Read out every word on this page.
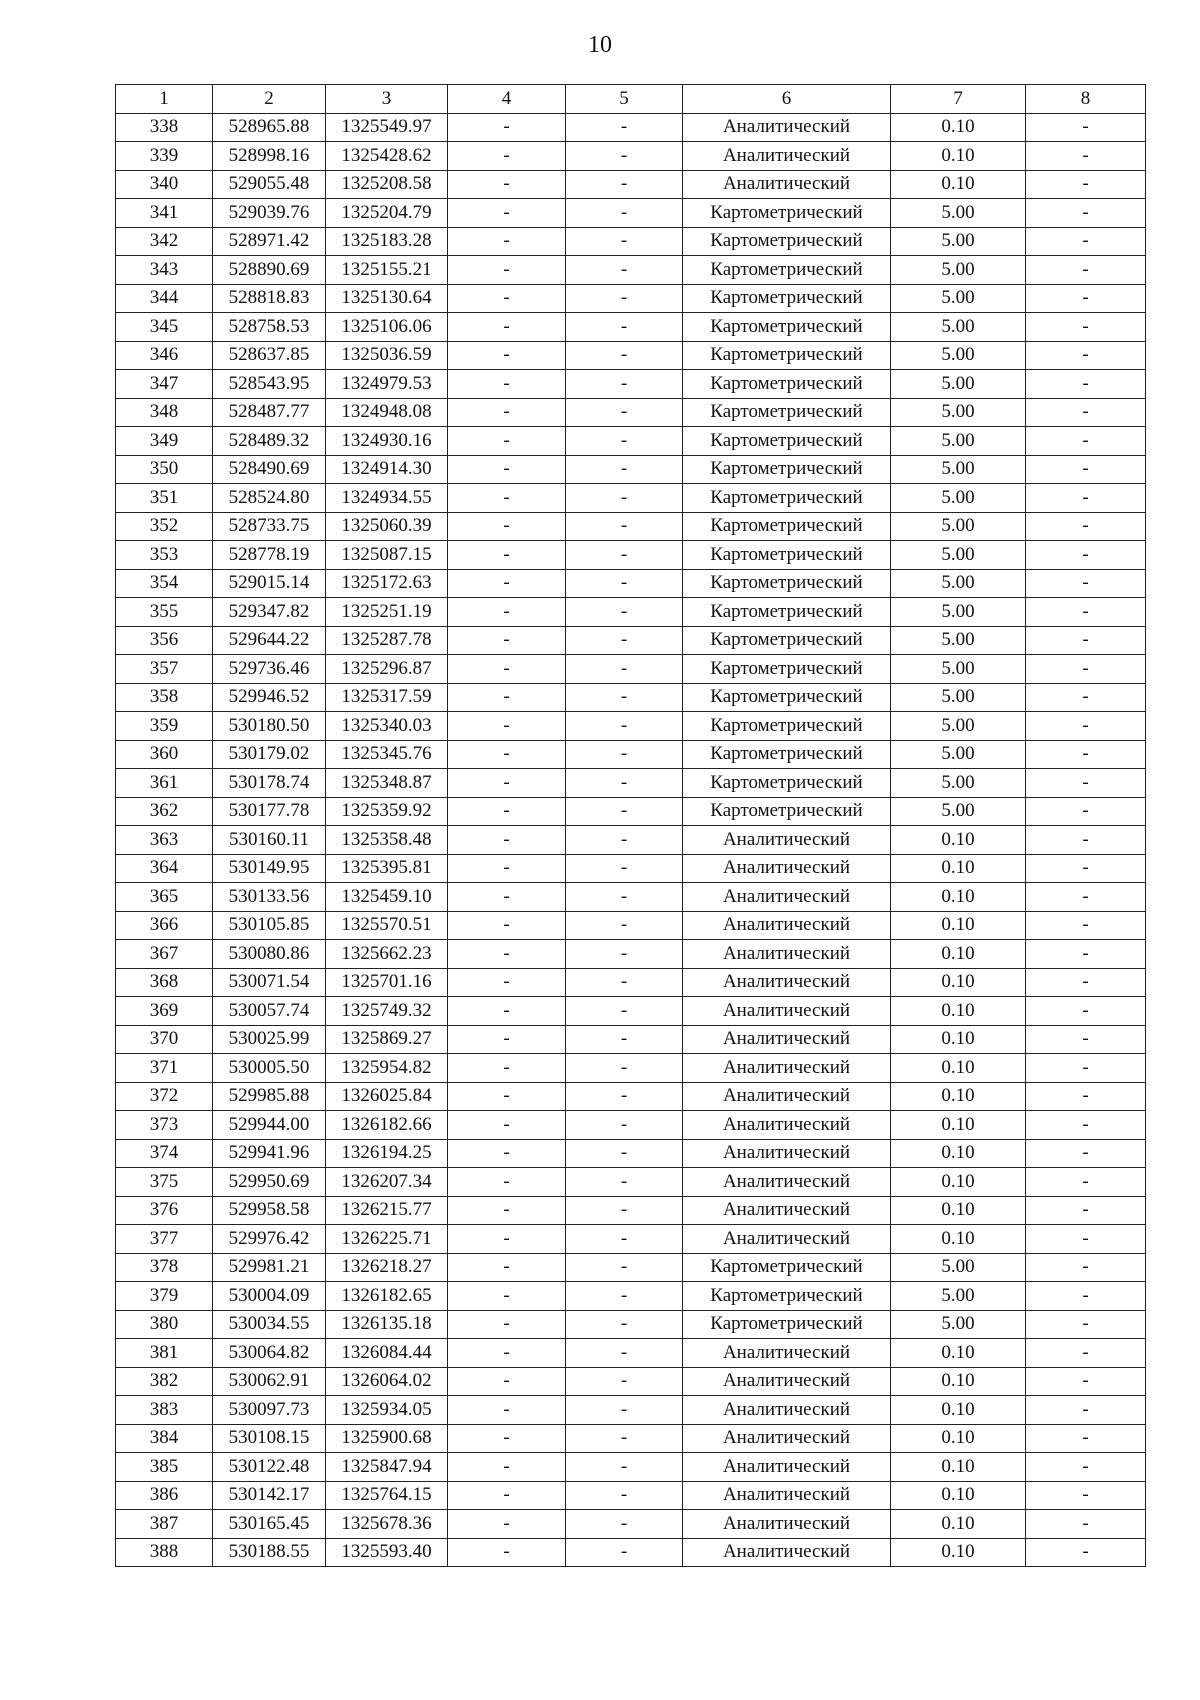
10
1	2	3	4	5	6	7	8
338	528965.88	1325549.97	-	-	Аналитический	0.10	-
339	528998.16	1325428.62	-	-	Аналитический	0.10	-
340	529055.48	1325208.58	-	-	Аналитический	0.10	-
341	529039.76	1325204.79	-	-	Картометрический	5.00	-
342	528971.42	1325183.28	-	-	Картометрический	5.00	-
343	528890.69	1325155.21	-	-	Картометрический	5.00	-
344	528818.83	1325130.64	-	-	Картометрический	5.00	-
345	528758.53	1325106.06	-	-	Картометрический	5.00	-
346	528637.85	1325036.59	-	-	Картометрический	5.00	-
347	528543.95	1324979.53	-	-	Картометрический	5.00	-
348	528487.77	1324948.08	-	-	Картометрический	5.00	-
349	528489.32	1324930.16	-	-	Картометрический	5.00	-
350	528490.69	1324914.30	-	-	Картометрический	5.00	-
351	528524.80	1324934.55	-	-	Картометрический	5.00	-
352	528733.75	1325060.39	-	-	Картометрический	5.00	-
353	528778.19	1325087.15	-	-	Картометрический	5.00	-
354	529015.14	1325172.63	-	-	Картометрический	5.00	-
355	529347.82	1325251.19	-	-	Картометрический	5.00	-
356	529644.22	1325287.78	-	-	Картометрический	5.00	-
357	529736.46	1325296.87	-	-	Картометрический	5.00	-
358	529946.52	1325317.59	-	-	Картометрический	5.00	-
359	530180.50	1325340.03	-	-	Картометрический	5.00	-
360	530179.02	1325345.76	-	-	Картометрический	5.00	-
361	530178.74	1325348.87	-	-	Картометрический	5.00	-
362	530177.78	1325359.92	-	-	Картометрический	5.00	-
363	530160.11	1325358.48	-	-	Аналитический	0.10	-
364	530149.95	1325395.81	-	-	Аналитический	0.10	-
365	530133.56	1325459.10	-	-	Аналитический	0.10	-
366	530105.85	1325570.51	-	-	Аналитический	0.10	-
367	530080.86	1325662.23	-	-	Аналитический	0.10	-
368	530071.54	1325701.16	-	-	Аналитический	0.10	-
369	530057.74	1325749.32	-	-	Аналитический	0.10	-
370	530025.99	1325869.27	-	-	Аналитический	0.10	-
371	530005.50	1325954.82	-	-	Аналитический	0.10	-
372	529985.88	1326025.84	-	-	Аналитический	0.10	-
373	529944.00	1326182.66	-	-	Аналитический	0.10	-
374	529941.96	1326194.25	-	-	Аналитический	0.10	-
375	529950.69	1326207.34	-	-	Аналитический	0.10	-
376	529958.58	1326215.77	-	-	Аналитический	0.10	-
377	529976.42	1326225.71	-	-	Аналитический	0.10	-
378	529981.21	1326218.27	-	-	Картометрический	5.00	-
379	530004.09	1326182.65	-	-	Картометрический	5.00	-
380	530034.55	1326135.18	-	-	Картометрический	5.00	-
381	530064.82	1326084.44	-	-	Аналитический	0.10	-
382	530062.91	1326064.02	-	-	Аналитический	0.10	-
383	530097.73	1325934.05	-	-	Аналитический	0.10	-
384	530108.15	1325900.68	-	-	Аналитический	0.10	-
385	530122.48	1325847.94	-	-	Аналитический	0.10	-
386	530142.17	1325764.15	-	-	Аналитический	0.10	-
387	530165.45	1325678.36	-	-	Аналитический	0.10	-
388	530188.55	1325593.40	-	-	Аналитический	0.10	-
